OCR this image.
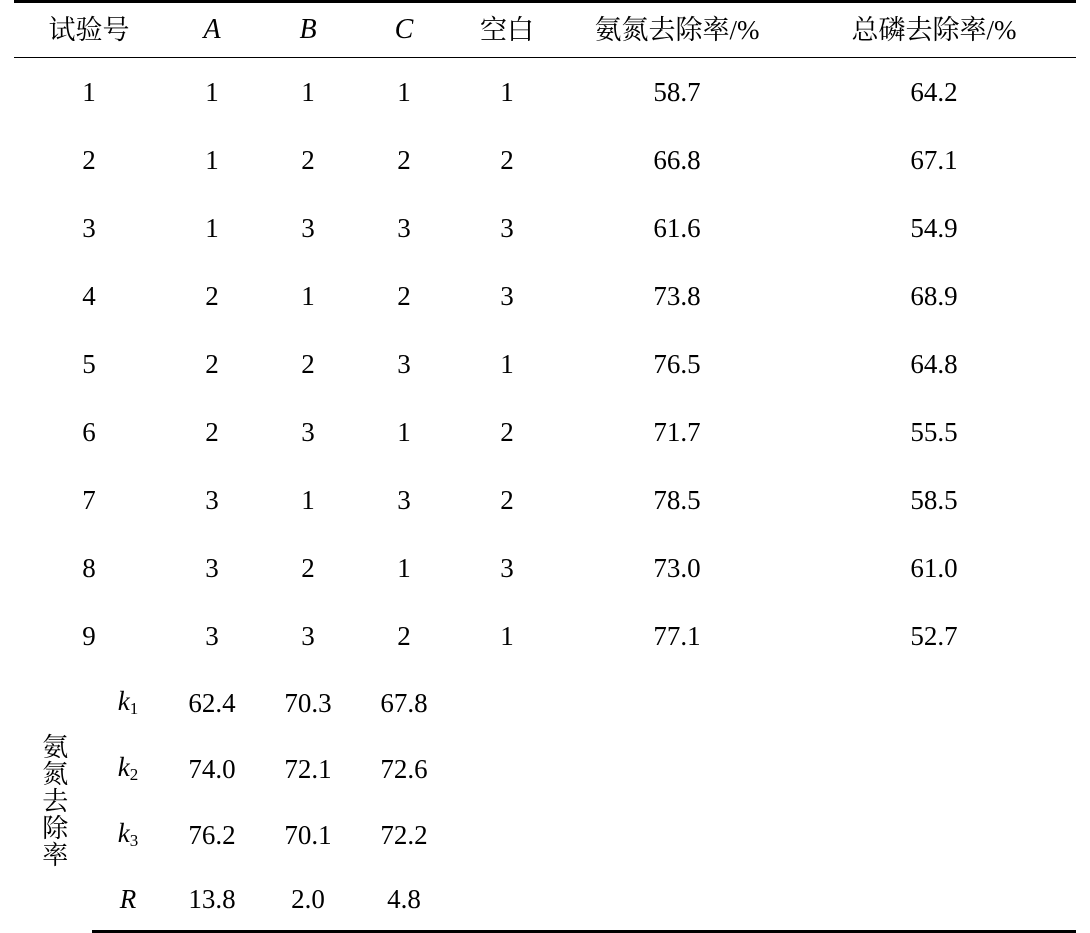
试验号		A	B	C	空白	氨氮去除率/%	总磷去除率/%
1		1	1	1	1	58.7	64.2
2		1	2	2	2	66.8	67.1
3		1	3	3	3	61.6	54.9
4		2	1	2	3	73.8	68.9
5		2	2	3	1	76.5	64.8
6		2	3	1	2	71.7	55.5
7		3	1	3	2	78.5	58.5
8		3	2	1	3	73.0	61.0
9		3	3	2	1	77.1	52.7

氨氮去除率	$k_1$	62.4	70.3	67.8			
	$k_2$	74.0	72.1	72.6			
	$k_3$	76.2	70.1	72.2			
	R	13.8	2.0	4.8			
